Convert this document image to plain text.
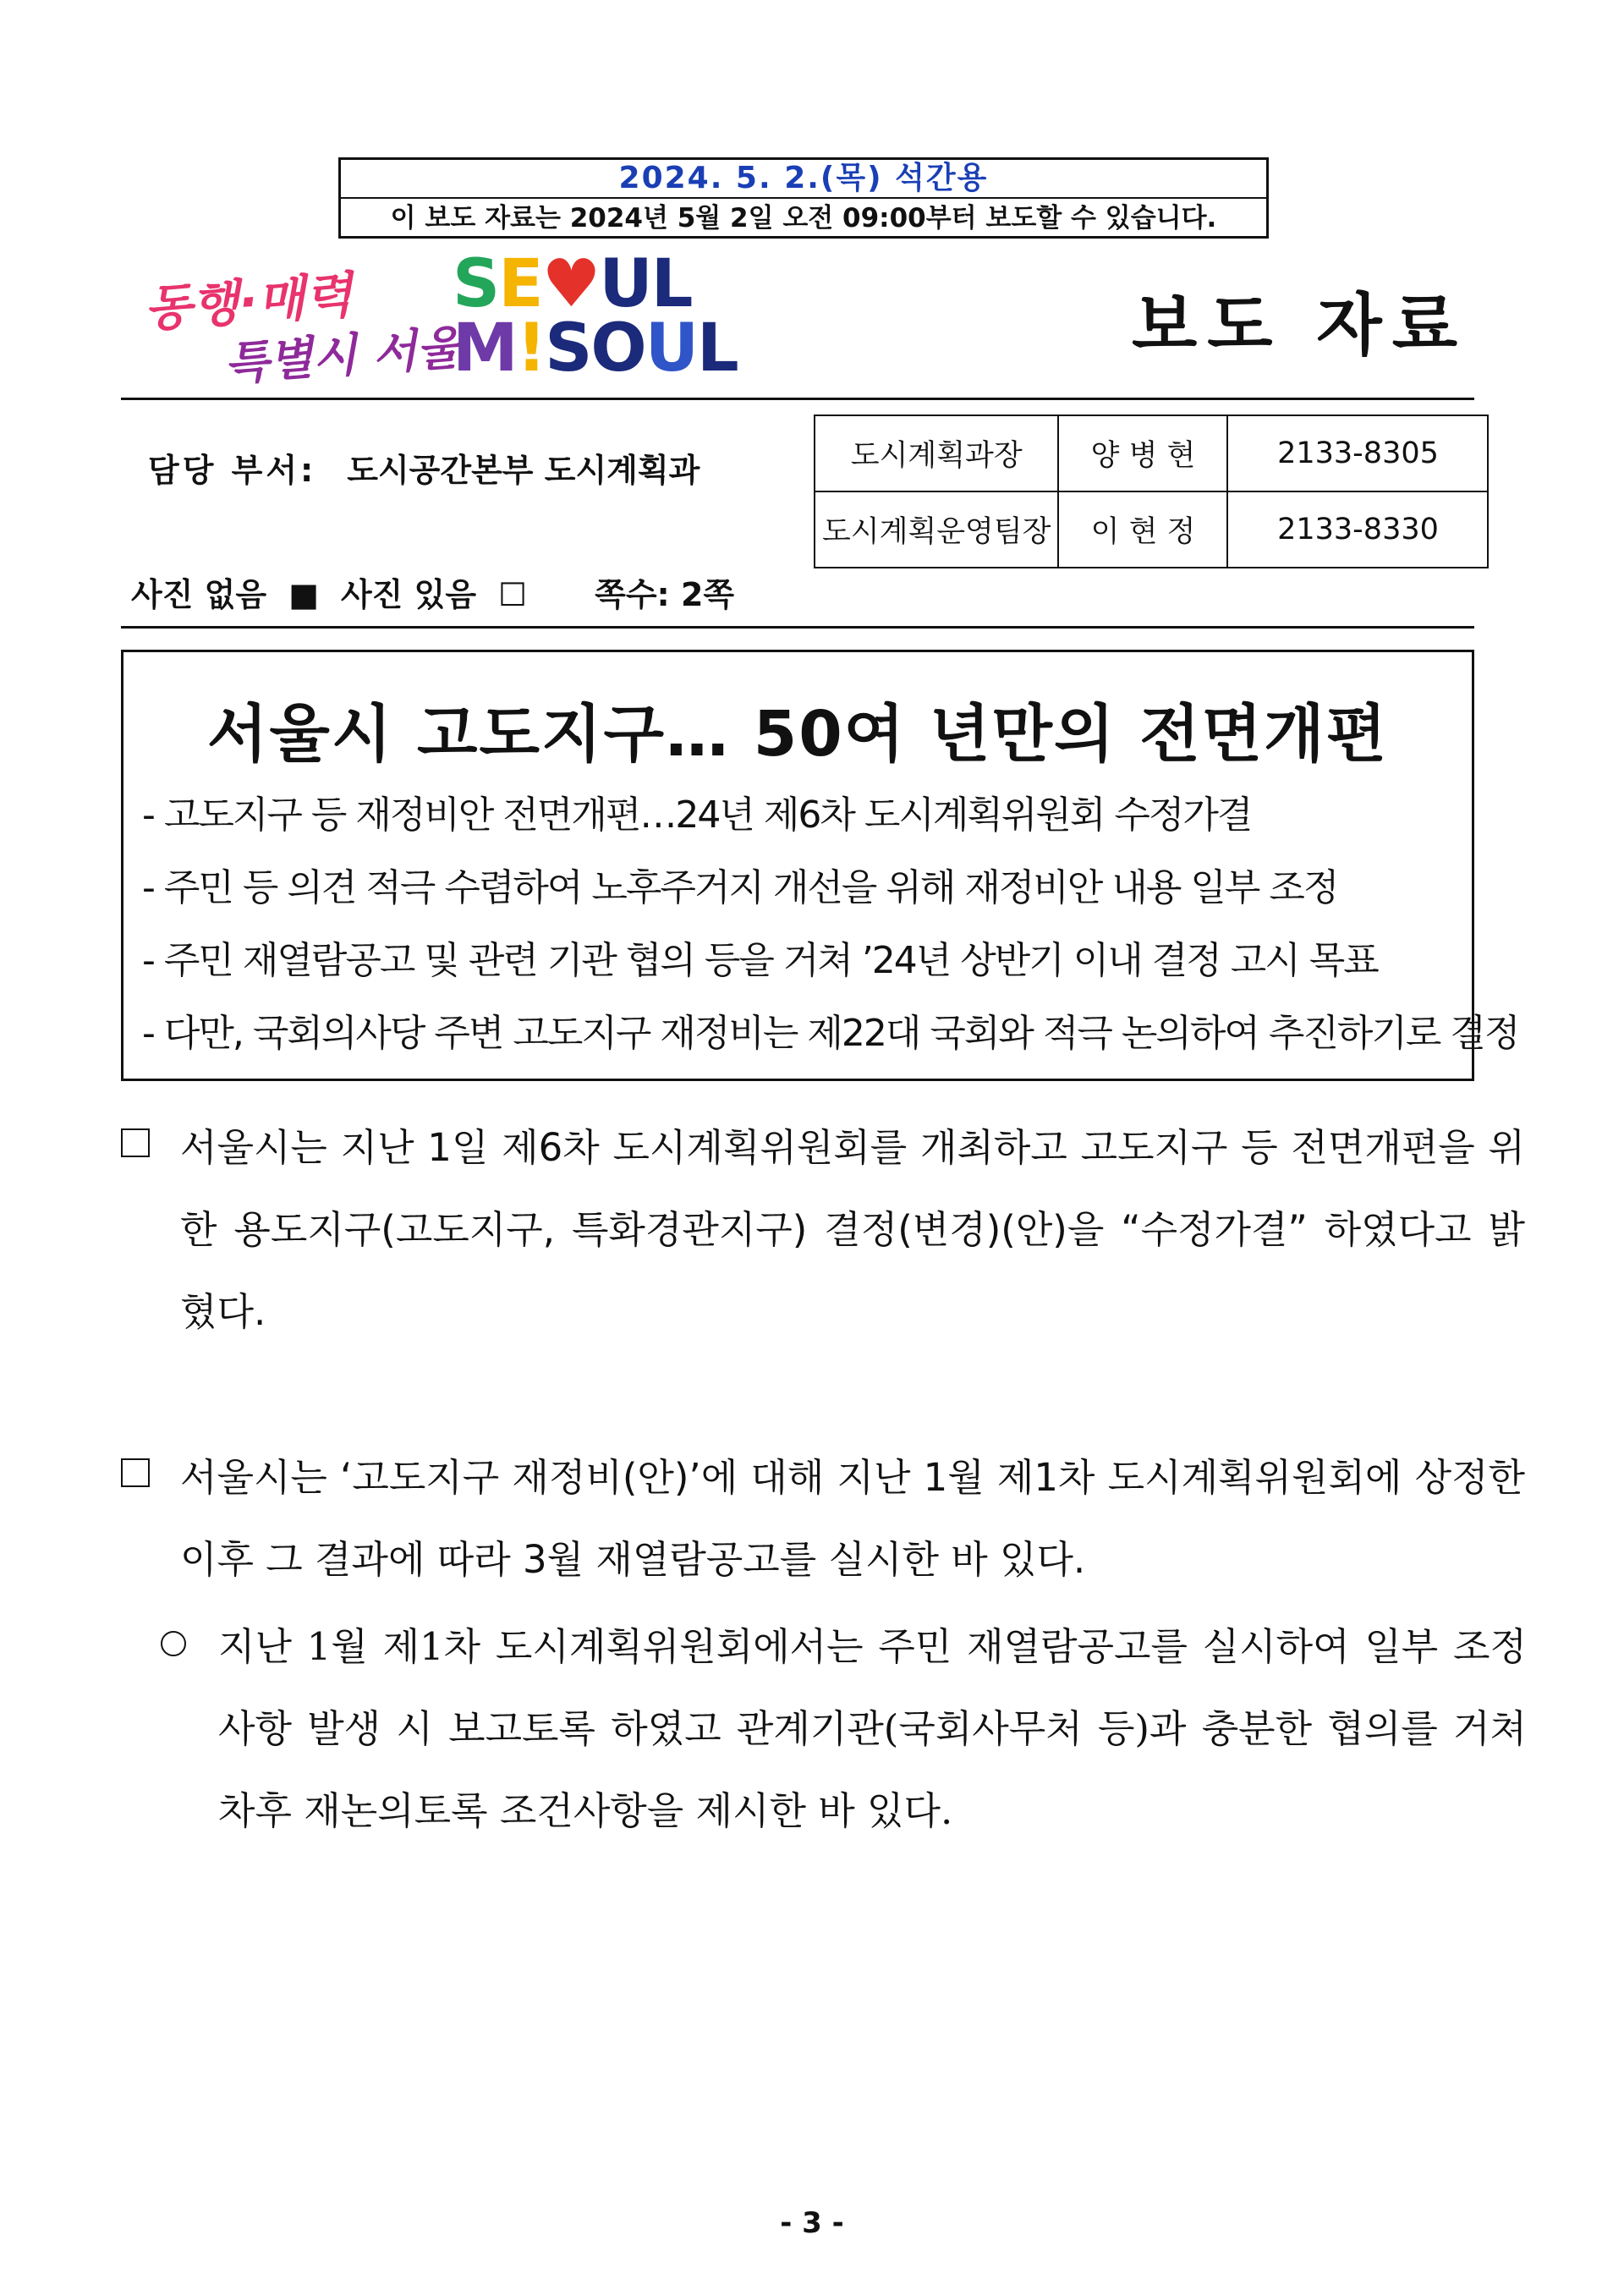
2024. 5. 2.(목) 석간용
이 보도 자료는 2024년 5월 2일 오전 09:00부터 보도할 수 있습니다.
동행·매력
특별시 서울
SE♥UL
M!SOUL	보도 자료
담당 부서: 도시공간본부 도시계획과	도시계획과장	양 병 현	2133-8305
도시계획운영팀장	이 현 정	2133-8330
사진 없음 ■ 사진 있음 ☐ 쪽수: 2쪽
서울시 고도지구… 50여 년만의 전면개편
- 고도지구 등 재정비안 전면개편…24년 제6차 도시계획위원회 수정가결
- 주민 등 의견 적극 수렴하여 노후주거지 개선을 위해 재정비안 내용 일부 조정
- 주민 재열람공고 및 관련 기관 협의 등을 거쳐 ’24년 상반기 이내 결정 고시 목표
- 다만, 국회의사당 주변 고도지구 재정비는 제22대 국회와 적극 논의하여 추진하기로 결정
서울시는 지난 1일 제6차 도시계획위원회를 개최하고 고도지구 등 전면개편을 위한 용도지구(고도지구, 특화경관지구) 결정(변경)(안)을 “수정가결” 하였다고 밝혔다.
서울시는 ‘고도지구 재정비(안)’에 대해 지난 1월 제1차 도시계획위원회에 상정한 이후 그 결과에 따라 3월 재열람공고를 실시한 바 있다.
지난 1월 제1차 도시계획위원회에서는 주민 재열람공고를 실시하여 일부 조정사항 발생 시 보고토록 하였고 관계기관(국회사무처 등)과 충분한 협의를 거쳐 차후 재논의토록 조건사항을 제시한 바 있다.
- 3 -
